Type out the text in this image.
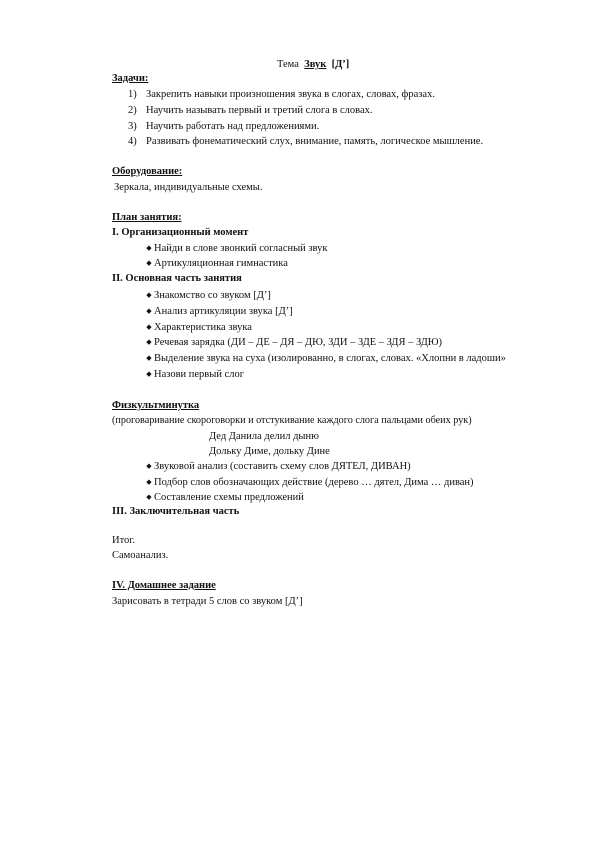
Тема Звук [Д’]
Задачи:
1) Закрепить навыки произношения звука в слогах, словах, фразах.
2) Научить называть первый и третий слога в словах.
3) Научить работать над предложениями.
4) Развивать фонематический слух, внимание, память, логическое мышление.
Оборудование:
Зеркала, индивидуальные схемы.
План занятия:
I. Организационный момент
◆ Найди в слове звонкий согласный звук
◆ Артикуляционная гимнастика
II. Основная часть занятия
◆ Знакомство со звуком [Д’]
◆ Анализ артикуляции звука [Д’]
◆ Характеристика звука
◆ Речевая зарядка (ДИ – ДЕ – ДЯ – ДЮ, ЗДИ – ЗДЕ – ЗДЯ – ЗДЮ)
◆ Выделение звука на суха (изолированно, в слогах, словах. «Хлопни в ладоши»
◆ Назови первый слог
Физкультминутка
(проговаривание скороговорки и отстукивание каждого слога пальцами обеих рук)
Дед Данила делил дыню
Дольку Диме, дольку Дине
◆ Звуковой анализ (составить схему слов ДЯТЕЛ, ДИВАН)
◆ Подбор слов обозначающих действие (дерево … дятел, Дима … диван)
◆ Составление схемы предложений
III. Заключительная часть
Итог.
Самоанализ.
IV. Домашнее задание
Зарисовать в тетради 5 слов со звуком [Д’]
